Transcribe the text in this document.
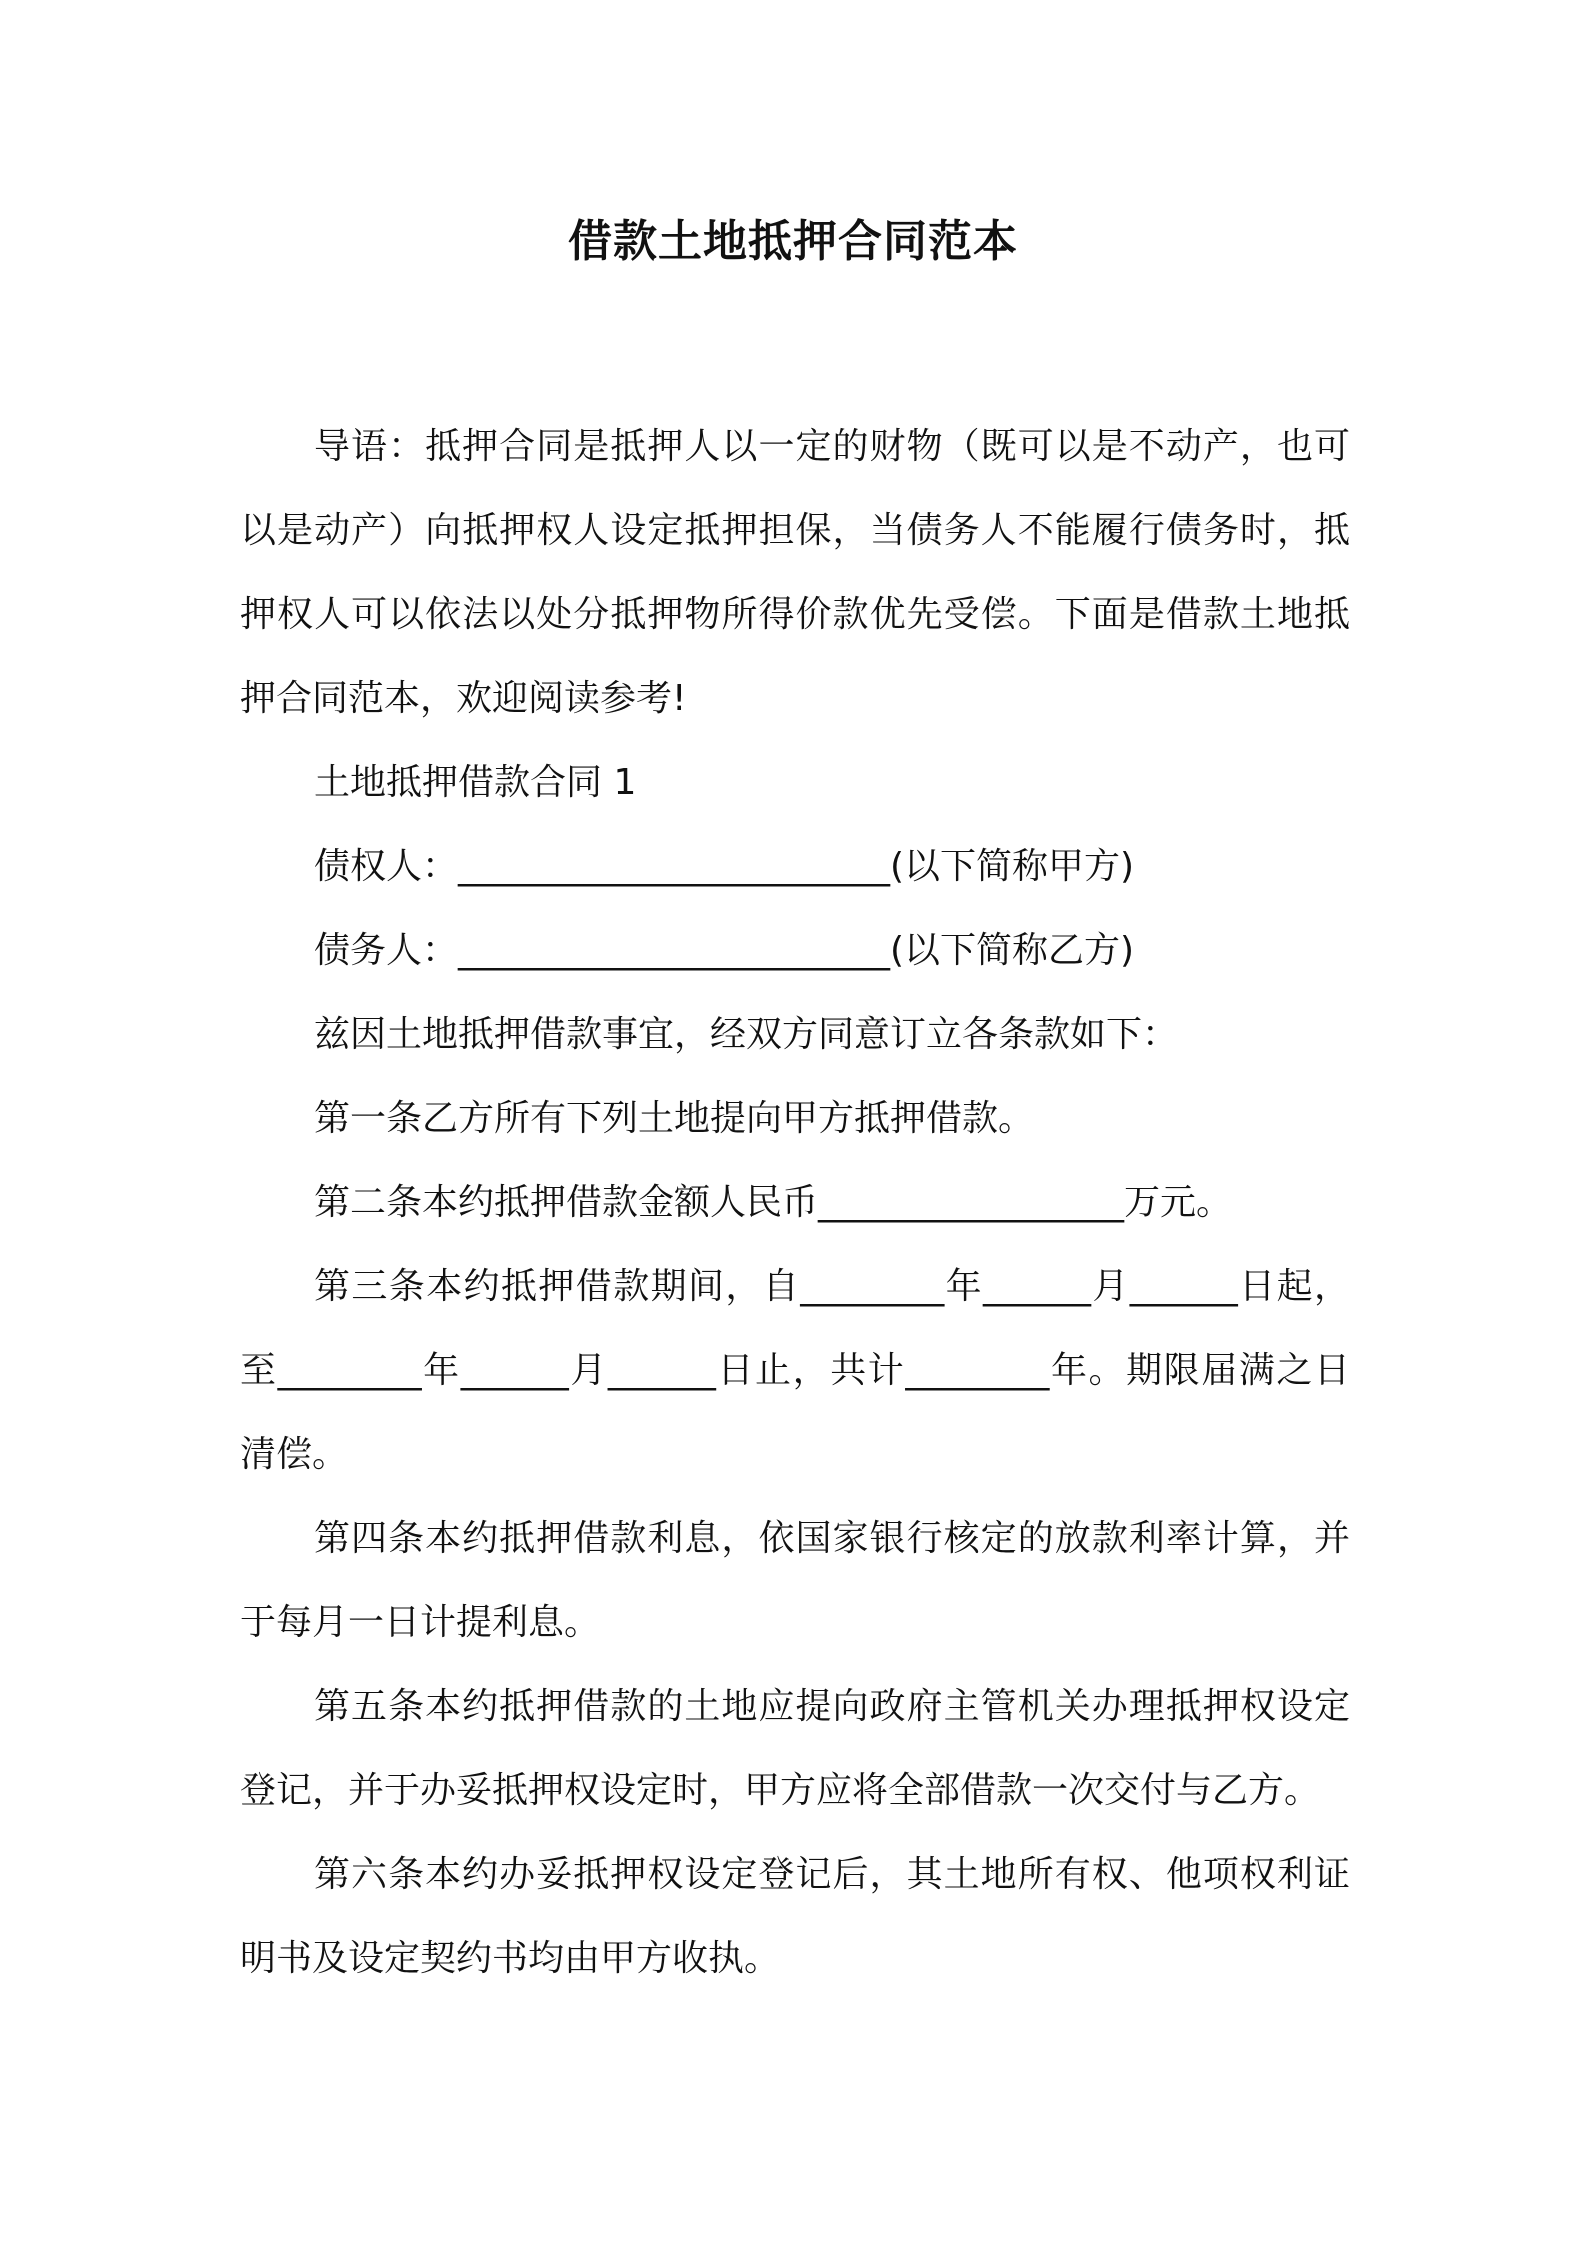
借款土地抵押合同范本

导语：抵押合同是抵押人以一定的财物（既可以是不动产，也可以是动产）向抵押权人设定抵押担保，当债务人不能履行债务时，抵押权人可以依法以处分抵押物所得价款优先受偿。下面是借款土地抵押合同范本，欢迎阅读参考!

土地抵押借款合同 1

债权人：________________________(以下简称甲方)

债务人：________________________(以下简称乙方)

兹因土地抵押借款事宜，经双方同意订立各条款如下：

第一条乙方所有下列土地提向甲方抵押借款。

第二条本约抵押借款金额人民币_________________万元。

第三条本约抵押借款期间，自________年______月______日起，至________年______月______日止，共计________年。期限届满之日清偿。

第四条本约抵押借款利息，依国家银行核定的放款利率计算，并于每月一日计提利息。

第五条本约抵押借款的土地应提向政府主管机关办理抵押权设定登记，并于办妥抵押权设定时，甲方应将全部借款一次交付与乙方。

第六条本约办妥抵押权设定登记后，其土地所有权、他项权利证明书及设定契约书均由甲方收执。
